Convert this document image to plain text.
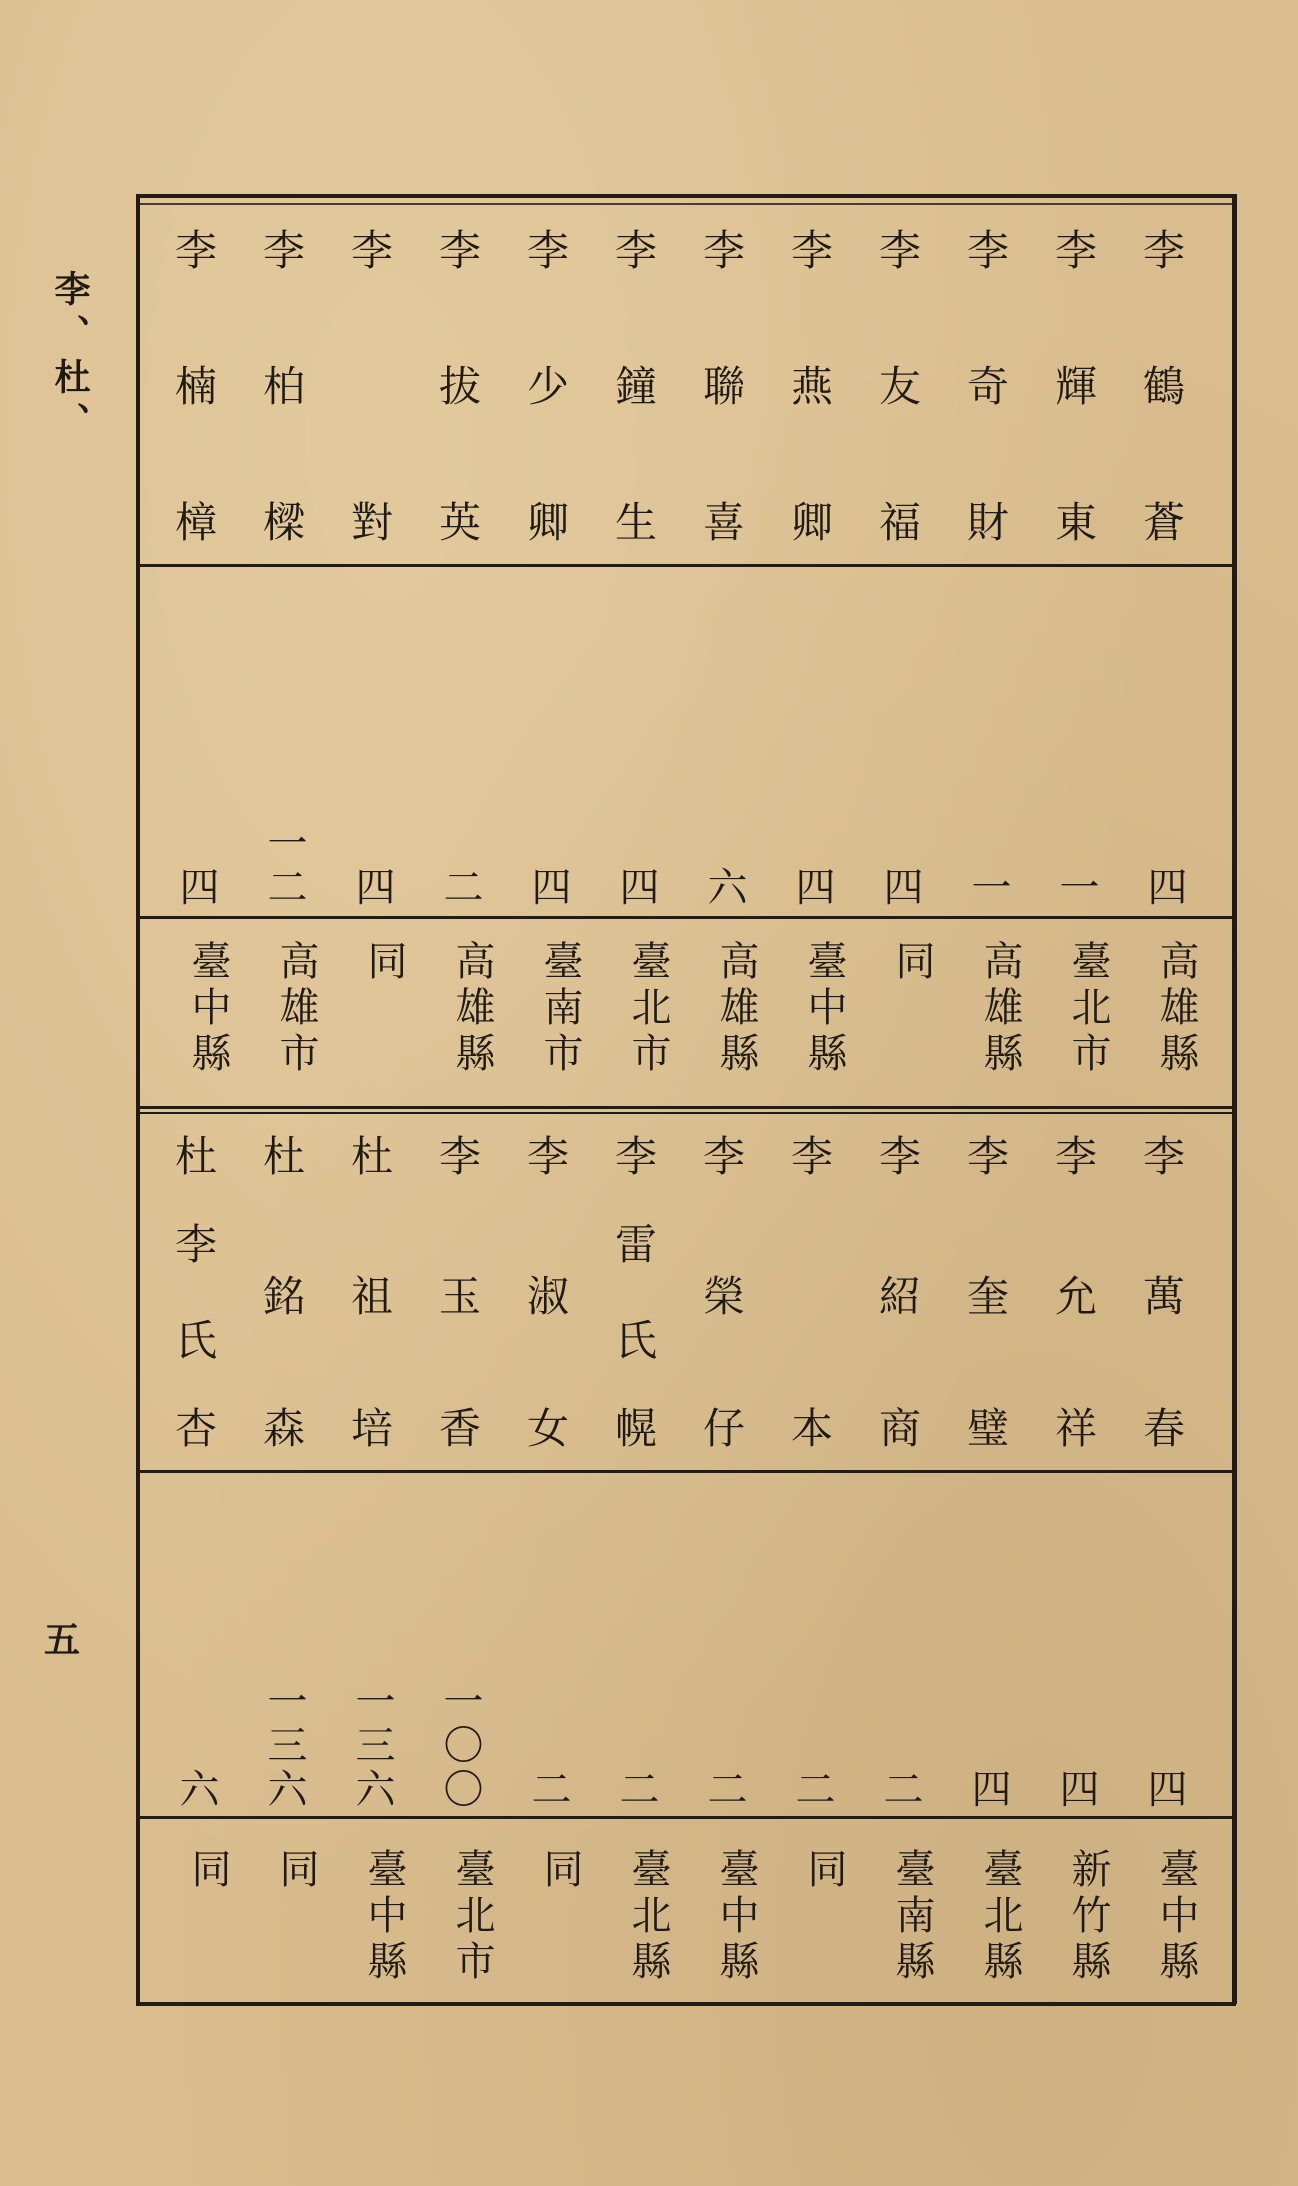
李、杜、
五
李
鶴
蒼
四
高雄縣
李
輝
東
一
臺北市
李
奇
財
一
高雄縣
李
友
福
四
同
李
燕
卿
四
臺中縣
李
聯
喜
六
高雄縣
李
鐘
生
四
臺北市
李
少
卿
四
臺南市
李
拔
英
二
高雄縣
李
對
四
同
李
柏
樑
一二
高雄市
李
楠
樟
四
臺中縣
李
萬
春
四
臺中縣
李
允
祥
四
新竹縣
李
奎
璧
四
臺北縣
李
紹
商
二
臺南縣
李
本
二
同
李
榮
仔
二
臺中縣
李
雷
氏
幌
二
臺北縣
李
淑
女
二
同
李
玉
香
一〇〇
臺北市
杜
祖
培
一三六
臺中縣
杜
銘
森
一三六
同
杜
李
氏
杏
六
同
